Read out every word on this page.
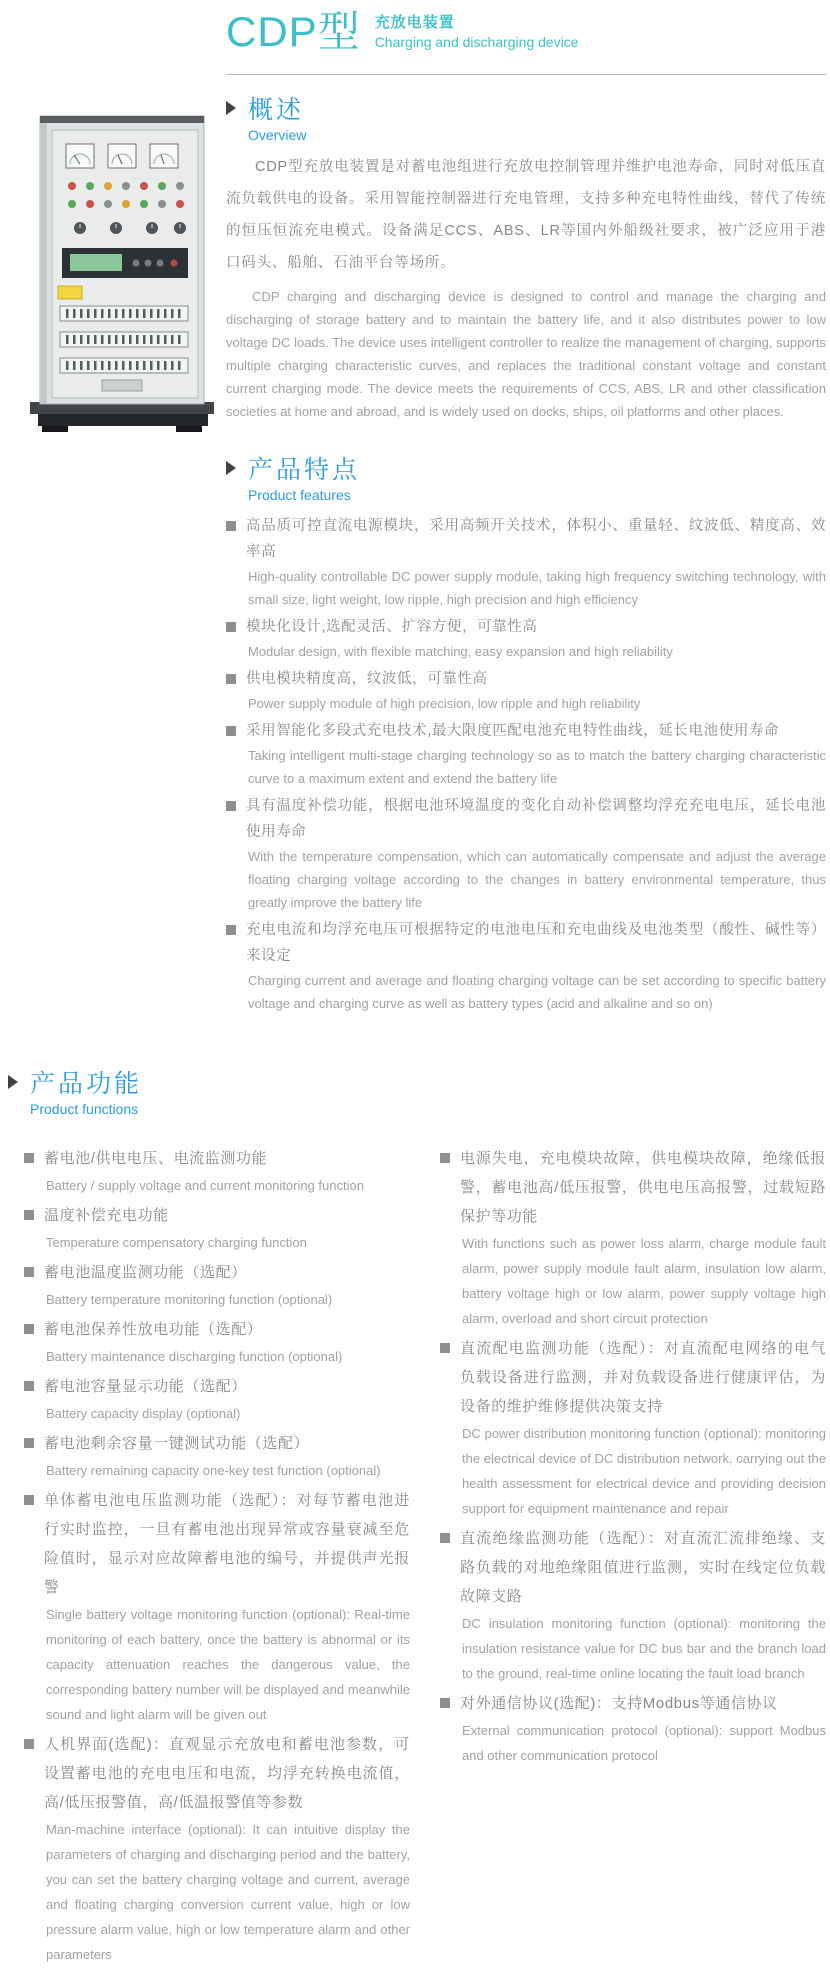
CDP型 充放电装置
Charging and discharging device
概述
Overview
CDP型充放电装置是对蓄电池组进行充放电控制管理并维护电池寿命，同时对低压直流负载供电的设备。采用智能控制器进行充电管理，支持多种充电特性曲线，替代了传统的恒压恒流充电模式。设备满足CCS、ABS、LR等国内外船级社要求，被广泛应用于港口码头、船舶、石油平台等场所。
CDP charging and discharging device is designed to control and manage the charging and discharging of storage battery and to maintain the battery life, and it also distributes power to low voltage DC loads. The device uses intelligent controller to realize the management of charging, supports multiple charging characteristic curves, and replaces the traditional constant voltage and constant current charging mode. The device meets the requirements of CCS, ABS, LR and other classification societies at home and abroad, and is widely used on docks, ships, oil platforms and other places.
产品特点
Product features
高品质可控直流电源模块，采用高频开关技术，体积小、重量轻、纹波低、精度高、效率高
High-quality controllable DC power supply module, taking high frequency switching technology, with small size, light weight, low ripple, high precision and high efficiency
模块化设计,选配灵活、扩容方便，可靠性高
Modular design, with flexible matching, easy expansion and high reliability
供电模块精度高，纹波低，可靠性高
Power supply module of high precision, low ripple and high reliability
采用智能化多段式充电技术,最大限度匹配电池充电特性曲线，延长电池使用寿命
Taking intelligent multi-stage charging technology so as to match the battery charging characteristic curve to a maximum extent and extend the battery life
具有温度补偿功能，根据电池环境温度的变化自动补偿调整均浮充充电电压，延长电池使用寿命
With the temperature compensation, which can automatically compensate and adjust the average floating charging voltage according to the changes in battery environmental temperature, thus greatly improve the battery life
充电电流和均浮充电压可根据特定的电池电压和充电曲线及电池类型（酸性、碱性等）来设定
Charging current and average and floating charging voltage can be set according to specific battery voltage and charging curve as well as battery types (acid and alkaline and so on)
产品功能
Product functions
蓄电池/供电电压、电流监测功能
Battery / supply voltage and current monitoring function
温度补偿充电功能
Temperature compensatory charging function
蓄电池温度监测功能（选配）
Battery temperature monitoring function (optional)
蓄电池保养性放电功能（选配）
Battery maintenance discharging function (optional)
蓄电池容量显示功能（选配）
Battery capacity display (optional)
蓄电池剩余容量一键测试功能（选配）
Battery remaining capacity one-key test function (optional)
单体蓄电池电压监测功能（选配）：对每节蓄电池进行实时监控，一旦有蓄电池出现异常或容量衰减至危险值时，显示对应故障蓄电池的编号，并提供声光报警
Single battery voltage monitoring function (optional): Real-time monitoring of each battery, once the battery is abnormal or its capacity attenuation reaches the dangerous value, the corresponding battery number will be displayed and meanwhile sound and light alarm will be given out
人机界面(选配)：直观显示充放电和蓄电池参数，可设置蓄电池的充电电压和电流，均浮充转换电流值，高/低压报警值，高/低温报警值等参数
Man-machine interface (optional): It can intuitive display the parameters of charging and discharging period and the battery, you can set the battery charging voltage and current, average and floating charging conversion current value, high or low pressure alarm value, high or low temperature alarm and other parameters
电源失电，充电模块故障，供电模块故障，绝缘低报警，蓄电池高/低压报警，供电电压高报警，过载短路保护等功能
With functions such as power loss alarm, charge module fault alarm, power supply module fault alarm, insulation low alarm, battery voltage high or low alarm, power supply voltage high alarm, overload and short circuit protection
直流配电监测功能（选配）：对直流配电网络的电气负载设备进行监测，并对负载设备进行健康评估，为设备的维护维修提供决策支持
DC power distribution monitoring function (optional): monitoring the electrical device of DC distribution network, carrying out the health assessment for electrical device and providing decision support for equipment maintenance and repair
直流绝缘监测功能（选配）：对直流汇流排绝缘、支路负载的对地绝缘阻值进行监测，实时在线定位负载故障支路
DC insulation monitoring function (optional): monitoring the insulation resistance value for DC bus bar and the branch load to the ground, real-time online locating the fault load branch
对外通信协议(选配)：支持Modbus等通信协议
External communication protocol (optional): support Modbus and other communication protocol
